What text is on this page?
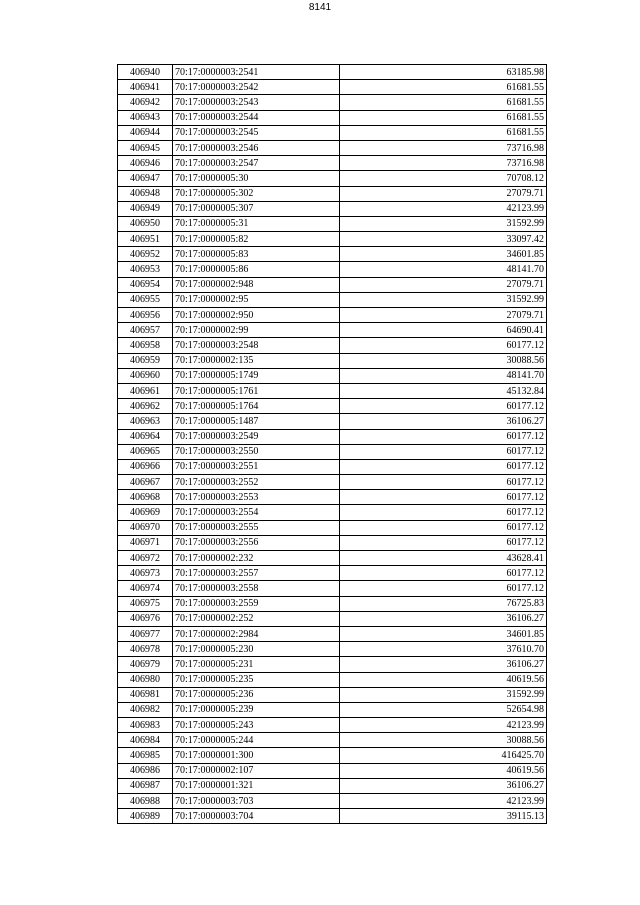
8141
406940	70:17:0000003:2541	63185.98
406941	70:17:0000003:2542	61681.55
406942	70:17:0000003:2543	61681.55
406943	70:17:0000003:2544	61681.55
406944	70:17:0000003:2545	61681.55
406945	70:17:0000003:2546	73716.98
406946	70:17:0000003:2547	73716.98
406947	70:17:0000005:30	70708.12
406948	70:17:0000005:302	27079.71
406949	70:17:0000005:307	42123.99
406950	70:17:0000005:31	31592.99
406951	70:17:0000005:82	33097.42
406952	70:17:0000005:83	34601.85
406953	70:17:0000005:86	48141.70
406954	70:17:0000002:948	27079.71
406955	70:17:0000002:95	31592.99
406956	70:17:0000002:950	27079.71
406957	70:17:0000002:99	64690.41
406958	70:17:0000003:2548	60177.12
406959	70:17:0000002:135	30088.56
406960	70:17:0000005:1749	48141.70
406961	70:17:0000005:1761	45132.84
406962	70:17:0000005:1764	60177.12
406963	70:17:0000005:1487	36106.27
406964	70:17:0000003:2549	60177.12
406965	70:17:0000003:2550	60177.12
406966	70:17:0000003:2551	60177.12
406967	70:17:0000003:2552	60177.12
406968	70:17:0000003:2553	60177.12
406969	70:17:0000003:2554	60177.12
406970	70:17:0000003:2555	60177.12
406971	70:17:0000003:2556	60177.12
406972	70:17:0000002:232	43628.41
406973	70:17:0000003:2557	60177.12
406974	70:17:0000003:2558	60177.12
406975	70:17:0000003:2559	76725.83
406976	70:17:0000002:252	36106.27
406977	70:17:0000002:2984	34601.85
406978	70:17:0000005:230	37610.70
406979	70:17:0000005:231	36106.27
406980	70:17:0000005:235	40619.56
406981	70:17:0000005:236	31592.99
406982	70:17:0000005:239	52654.98
406983	70:17:0000005:243	42123.99
406984	70:17:0000005:244	30088.56
406985	70:17:0000001:300	416425.70
406986	70:17:0000002:107	40619.56
406987	70:17:0000001:321	36106.27
406988	70:17:0000003:703	42123.99
406989	70:17:0000003:704	39115.13
